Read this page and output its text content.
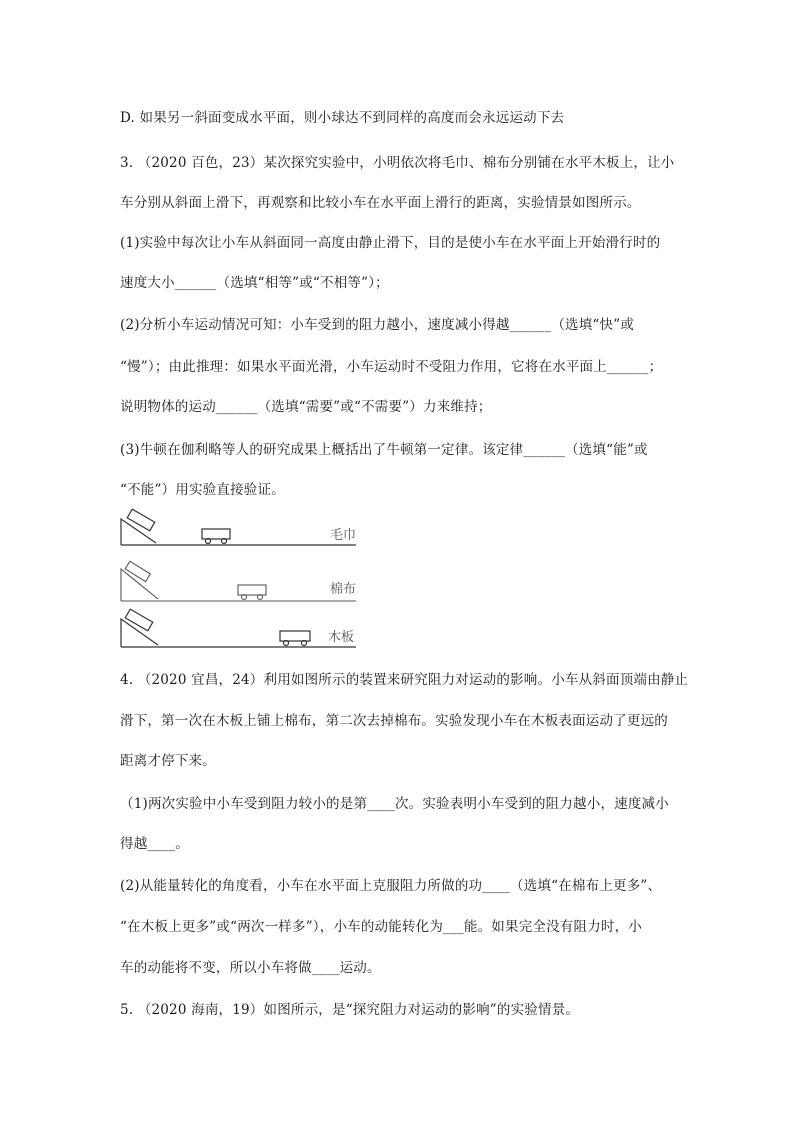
D. 如果另一斜面变成水平面，则小球达不到同样的高度而会永远运动下去
3. （2020 百色，23）某次探究实验中，小明依次将毛巾、棉布分别铺在水平木板上，让小
车分别从斜面上滑下，再观察和比较小车在水平面上滑行的距离，实验情景如图所示。
(1)实验中每次让小车从斜面同一高度由静止滑下，目的是使小车在水平面上开始滑行时的
速度大小______（选填“相等”或“不相等”）；
(2)分析小车运动情况可知：小车受到的阻力越小，速度减小得越______（选填“快”或
“慢”）；由此推理：如果水平面光滑，小车运动时不受阻力作用，它将在水平面上______；
说明物体的运动______（选填“需要”或“不需要”）力来维持；
(3)牛顿在伽利略等人的研究成果上概括出了牛顿第一定律。该定律______（选填“能”或
“不能”）用实验直接验证。
毛巾
棉布
木板
4. （2020 宜昌，24）利用如图所示的装置来研究阻力对运动的影响。小车从斜面顶端由静止
滑下，第一次在木板上铺上棉布，第二次去掉棉布。实验发现小车在木板表面运动了更远的
距离才停下来。
（1)两次实验中小车受到阻力较小的是第____次。实验表明小车受到的阻力越小，速度减小
得越____。
(2)从能量转化的角度看，小车在水平面上克服阻力所做的功____（选填“在棉布上更多”、
“在木板上更多”或“两次一样多”），小车的动能转化为___能。如果完全没有阻力时，小
车的动能将不变，所以小车将做____运动。
5. （2020 海南，19）如图所示，是“探究阻力对运动的影响”的实验情景。
